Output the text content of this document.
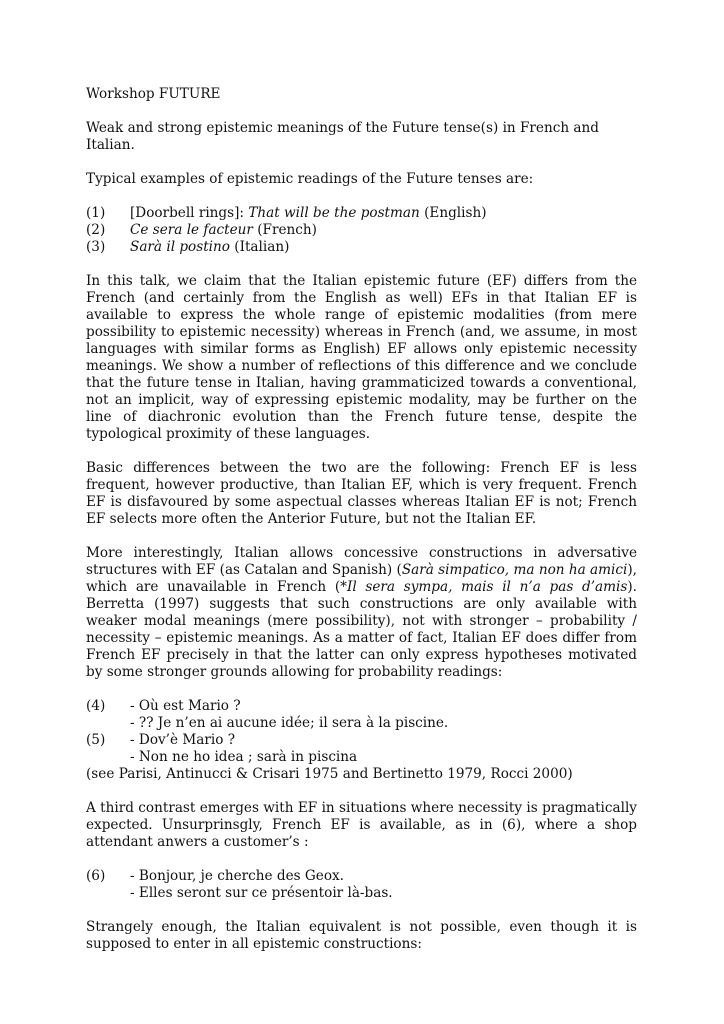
Workshop FUTURE

Weak and strong epistemic meanings of the Future tense(s) in French and Italian.

Typical examples of epistemic readings of the Future tenses are:

(1)	[Doorbell rings]: That will be the postman (English)
(2)	Ce sera le facteur (French)
(3)	Sarà il postino (Italian)

In this talk, we claim that the Italian epistemic future (EF) differs from the French (and certainly from the English as well) EFs in that Italian EF is available to express the whole range of epistemic modalities (from mere possibility to epistemic necessity) whereas in French (and, we assume, in most languages with similar forms as English) EF allows only epistemic necessity meanings. We show a number of reflections of this difference and we conclude that the future tense in Italian, having grammaticized towards a conventional, not an implicit, way of expressing epistemic modality, may be further on the line of diachronic evolution than the French future tense, despite the typological proximity of these languages.

Basic differences between the two are the following: French EF is less frequent, however productive, than Italian EF, which is very frequent. French EF is disfavoured by some aspectual classes whereas Italian EF is not; French EF selects more often the Anterior Future, but not the Italian EF.

More interestingly, Italian allows concessive constructions in adversative structures with EF (as Catalan and Spanish) (Sarà simpatico, ma non ha amici), which are unavailable in French (*Il sera sympa, mais il n’a pas d’amis). Berretta (1997) suggests that such constructions are only available with weaker modal meanings (mere possibility), not with stronger – probability / necessity – epistemic meanings. As a matter of fact, Italian EF does differ from French EF precisely in that the latter can only express hypotheses motivated by some stronger grounds allowing for probability readings:

(4)	- Où est Mario ?
- ?? Je n’en ai aucune idée; il sera à la piscine.
(5)	- Dov’è Mario ?
- Non ne ho idea ; sarà in piscina
(see Parisi, Antinucci & Crisari 1975 and Bertinetto 1979, Rocci 2000)

A third contrast emerges with EF in situations where necessity is pragmatically expected. Unsurprinsgly, French EF is available, as in (6), where a shop attendant anwers a customer’s :

(6)	- Bonjour, je cherche des Geox.
- Elles seront sur ce présentoir là-bas.

Strangely enough, the Italian equivalent is not possible, even though it is supposed to enter in all epistemic constructions:
